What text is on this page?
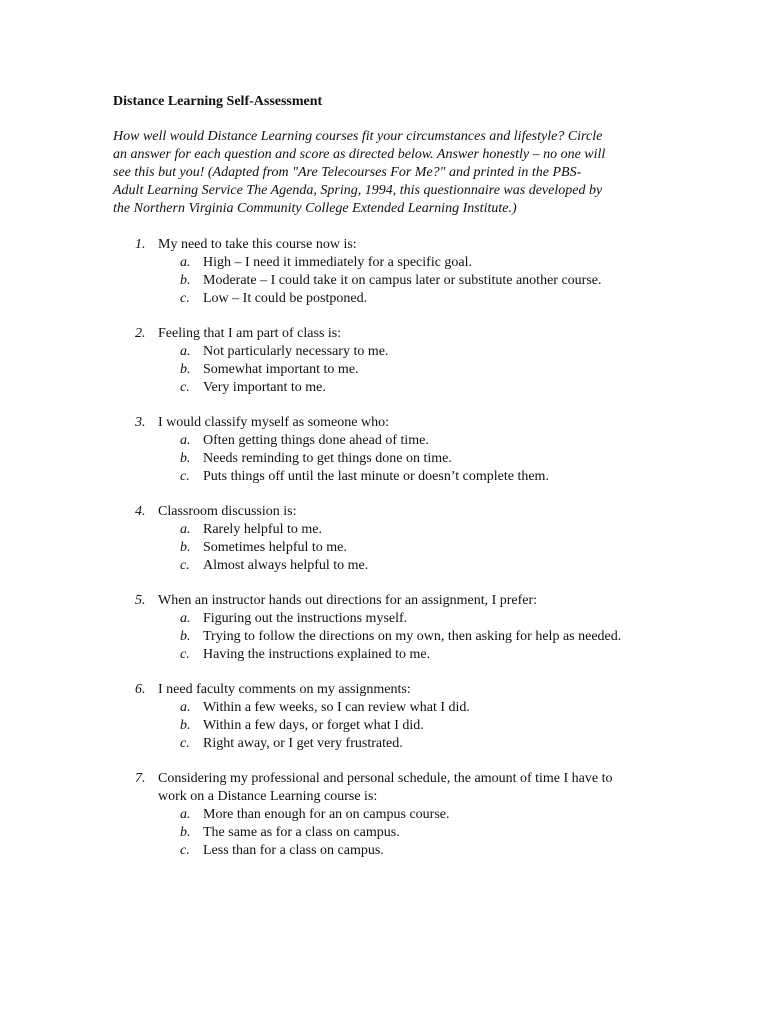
Distance Learning Self-Assessment
How well would Distance Learning courses fit your circumstances and lifestyle? Circle
an answer for each question and score as directed below. Answer honestly – no one will
see this but you! (Adapted from "Are Telecourses For Me?" and printed in the PBS-
Adult Learning Service The Agenda, Spring, 1994, this questionnaire was developed by
the Northern Virginia Community College Extended Learning Institute.)
1. My need to take this course now is:
a. High – I need it immediately for a specific goal.
b. Moderate – I could take it on campus later or substitute another course.
c. Low – It could be postponed.
2. Feeling that I am part of class is:
a. Not particularly necessary to me.
b. Somewhat important to me.
c. Very important to me.
3. I would classify myself as someone who:
a. Often getting things done ahead of time.
b. Needs reminding to get things done on time.
c. Puts things off until the last minute or doesn’t complete them.
4. Classroom discussion is:
a. Rarely helpful to me.
b. Sometimes helpful to me.
c. Almost always helpful to me.
5. When an instructor hands out directions for an assignment, I prefer:
a. Figuring out the instructions myself.
b. Trying to follow the directions on my own, then asking for help as needed.
c. Having the instructions explained to me.
6. I need faculty comments on my assignments:
a. Within a few weeks, so I can review what I did.
b. Within a few days, or forget what I did.
c. Right away, or I get very frustrated.
7. Considering my professional and personal schedule, the amount of time I have to
work on a Distance Learning course is:
a. More than enough for an on campus course.
b. The same as for a class on campus.
c. Less than for a class on campus.
